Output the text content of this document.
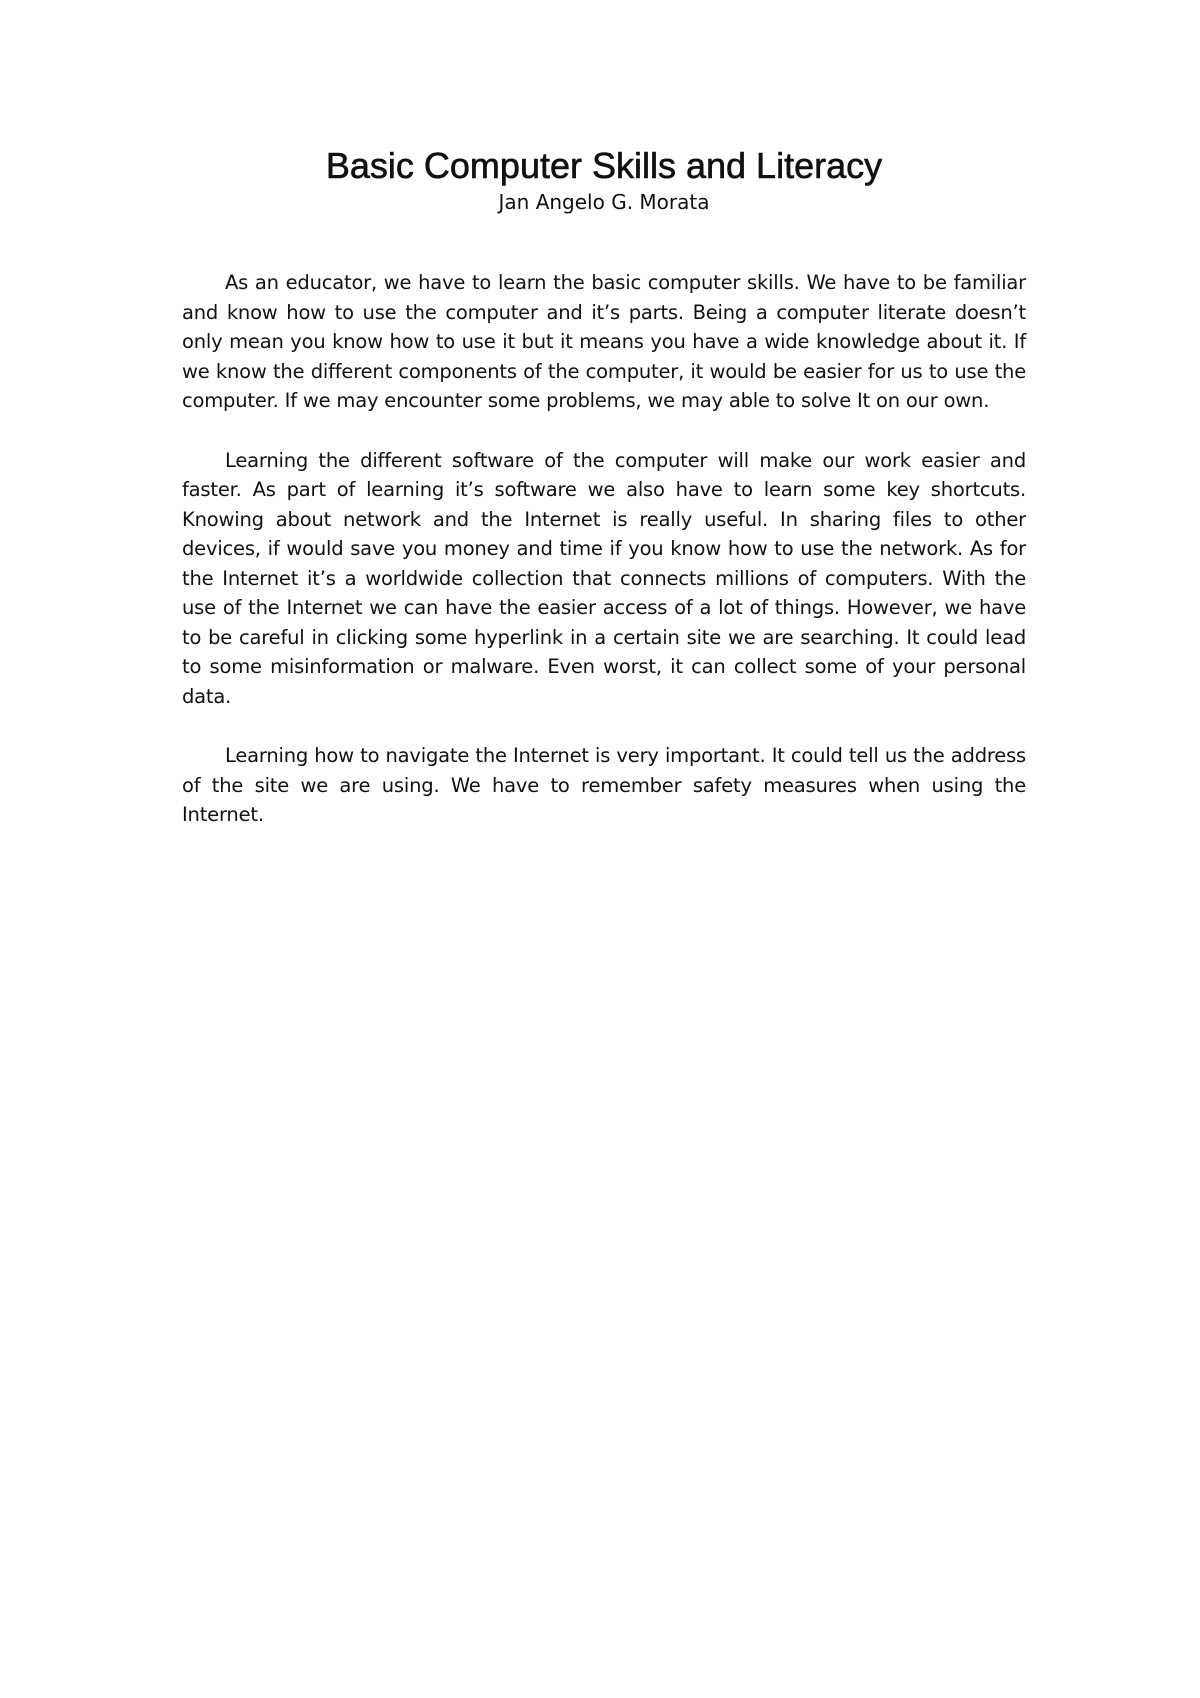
Basic Computer Skills and Literacy

Jan Angelo G. Morata

As an educator, we have to learn the basic computer skills. We have to be familiar and know how to use the computer and it’s parts. Being a computer literate doesn’t only mean you know how to use it but it means you have a wide knowledge about it. If we know the different components of the computer, it would be easier for us to use the computer. If we may encounter some problems, we may able to solve It on our own.

Learning the different software of the computer will make our work easier and faster. As part of learning it’s software we also have to learn some key shortcuts. Knowing about network and the Internet is really useful. In sharing files to other devices, if would save you money and time if you know how to use the network. As for the Internet it’s a worldwide collection that connects millions of computers. With the use of the Internet we can have the easier access of a lot of things. However, we have to be careful in clicking some hyperlink in a certain site we are searching. It could lead to some misinformation or malware. Even worst, it can collect some of your personal data.

Learning how to navigate the Internet is very important. It could tell us the address of the site we are using. We have to remember safety measures when using the Internet.
